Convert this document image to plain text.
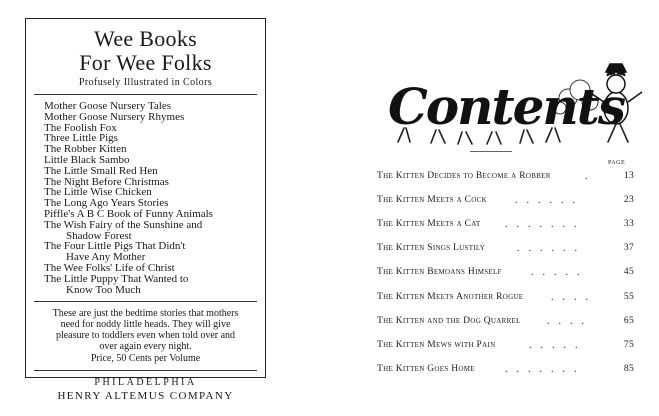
Wee Books
For Wee Folks
Profusely Illustrated in Colors
Mother Goose Nursery Tales
Mother Goose Nursery Rhymes
The Foolish Fox
Three Little Pigs
The Robber Kitten
Little Black Sambo
The Little Small Red Hen
The Night Before Christmas
The Little Wise Chicken
The Long Ago Years Stories
Piffle's A B C Book of Funny Animals
The Wish Fairy of the Sunshine and

Shadow Forest
The Four Little Pigs That Didn't

Have Any Mother
The Wee Folks' Life of Christ
The Little Puppy That Wanted to

Know Too Much
These are just the bedtime stories that mothers
need for noddy little heads. They will give
pleasure to toddlers even when told over and
over again every night.
Price, 50 Cents per Volume
PHILADELPHIA
HENRY ALTEMUS COMPANY
Contents
PAGE
The Kitten Decides to Become a Robber	.	13
The Kitten Meets a Cock	......	23
The Kitten Meets a Cat .......	33
The Kitten Sings Lustily	......	37
The Kitten Bemoans Himself	.....	45
The Kitten Meets Another Rogue	....	55
The Kitten and the Dog Quarrel	....	65
The Kitten Mews with Pain	.....	75
The Kitten Goes Home	.......	85
